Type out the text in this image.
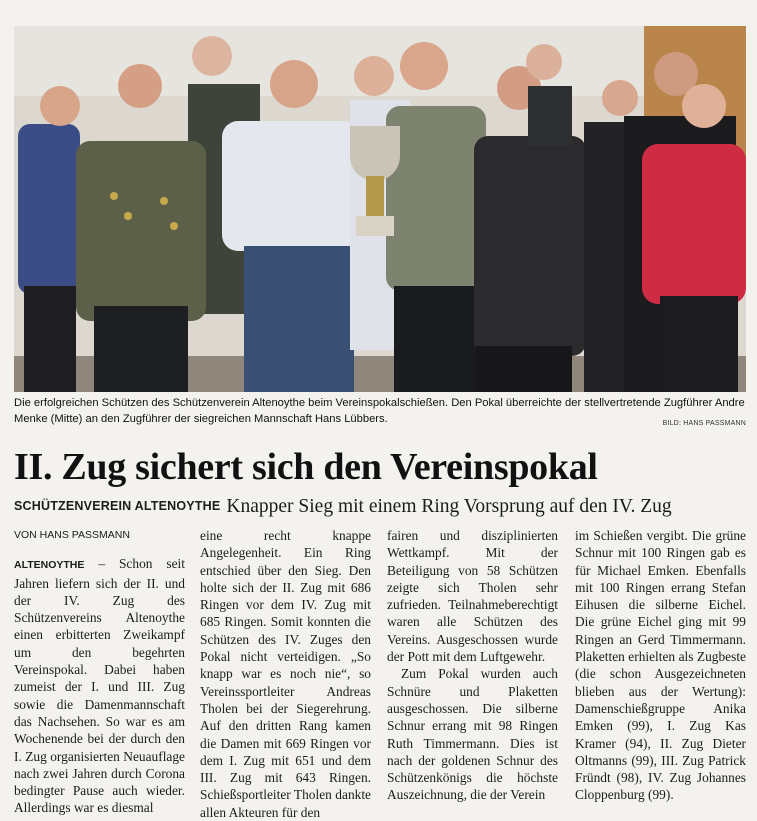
Die erfolgreichen Schützen des Schützenverein Altenoythe beim Vereinspokalschießen. Den Pokal überreichte der stellvertretende Zugführer Andre Menke (Mitte) an den Zugführer der siegreichen Mannschaft Hans Lübbers.	BILD: HANS PASSMANN
II. Zug sichert sich den Vereinspokal
SCHÜTZENVEREIN ALTENOYTHE Knapper Sieg mit einem Ring Vorsprung auf den IV. Zug
VON HANS PASSMANN

ALTENOYTHE – Schon seit Jahren liefern sich der II. und der IV. Zug des Schützenvereins Altenoythe einen erbitterten Zweikampf um den begehrten Vereinspokal. Dabei haben zumeist der I. und III. Zug sowie die Damenmannschaft das Nachsehen. So war es am Wochenende bei der durch den I. Zug organisierten Neuauflage nach zwei Jahren durch Corona bedingter Pause auch wieder. Allerdings war es diesmal

eine recht knappe Angelegenheit. Ein Ring entschied über den Sieg. Den holte sich der II. Zug mit 686 Ringen vor dem IV. Zug mit 685 Ringen. Somit konnten die Schützen des IV. Zuges den Pokal nicht verteidigen. „So knapp war es noch nie“, so Vereinssportleiter Andreas Tholen bei der Siegerehrung. Auf den dritten Rang kamen die Damen mit 669 Ringen vor dem I. Zug mit 651 und dem III. Zug mit 643 Ringen. Schießsportleiter Tholen dankte allen Akteuren für den

fairen und disziplinierten Wettkampf. Mit der Beteiligung von 58 Schützen zeigte sich Tholen sehr zufrieden. Teilnahmeberechtigt waren alle Schützen des Vereins. Ausgeschossen wurde der Pott mit dem Luftgewehr.

Zum Pokal wurden auch Schnüre und Plaketten ausgeschossen. Die silberne Schnur errang mit 98 Ringen Ruth Timmermann. Dies ist nach der goldenen Schnur des Schützenkönigs die höchste Auszeichnung, die der Verein

im Schießen vergibt. Die grüne Schnur mit 100 Ringen gab es für Michael Emken. Ebenfalls mit 100 Ringen errang Stefan Eihusen die silberne Eichel. Die grüne Eichel ging mit 99 Ringen an Gerd Timmermann. Plaketten erhielten als Zugbeste (die schon Ausgezeichneten blieben aus der Wertung): Damenschießgruppe Anika Emken (99), I. Zug Kas Kramer (94), II. Zug Dieter Oltmanns (99), III. Zug Patrick Fründt (98), IV. Zug Johannes Cloppenburg (99).
